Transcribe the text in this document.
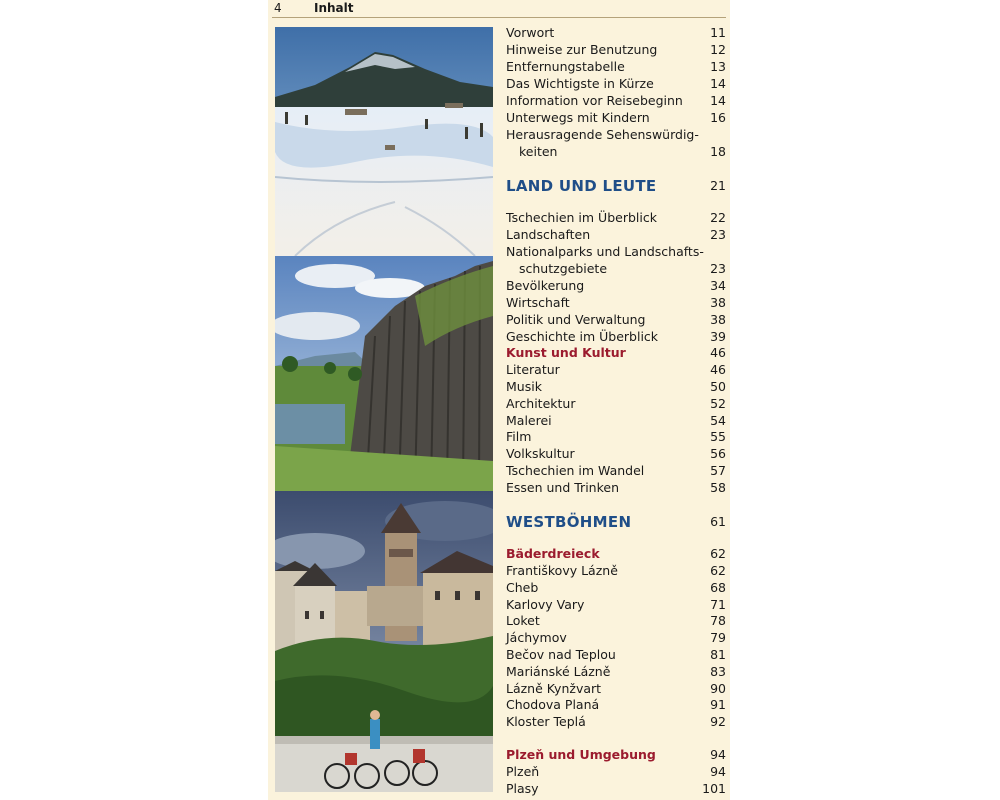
4	Inhalt
Vorwort	11
Hinweise zur Benutzung	12
Entfernungstabelle	13
Das Wichtigste in Kürze	14
Information vor Reisebeginn 14
Unterwegs mit Kindern	16
Herausragende Sehenswürdig-
keiten	18
LAND UND LEUTE	21
Tschechien im Überblick	22
Landschaften	23
Nationalparks und Landschafts-
schutzgebiete	23
Bevölkerung	34
Wirtschaft	38
Politik und Verwaltung	38
Geschichte im Überblick	39
Kunst und Kultur	46
Literatur	46
Musik	50
Architektur	52
Malerei	54
Film	55
Volkskultur	56
Tschechien im Wandel	57
Essen und Trinken	58
WESTBÖHMEN	61
Bäderdreieck	62
Františkovy Lázně	62
Cheb	68
Karlovy Vary	71
Loket	78
Jáchymov	79
Bečov nad Teplou	81
Mariánské Lázně	83
Lázně Kynžvart	90
Chodova Planá	91
Kloster Teplá	92
Plzeň und Umgebung	94
Plzeň	94
Plasy	101
